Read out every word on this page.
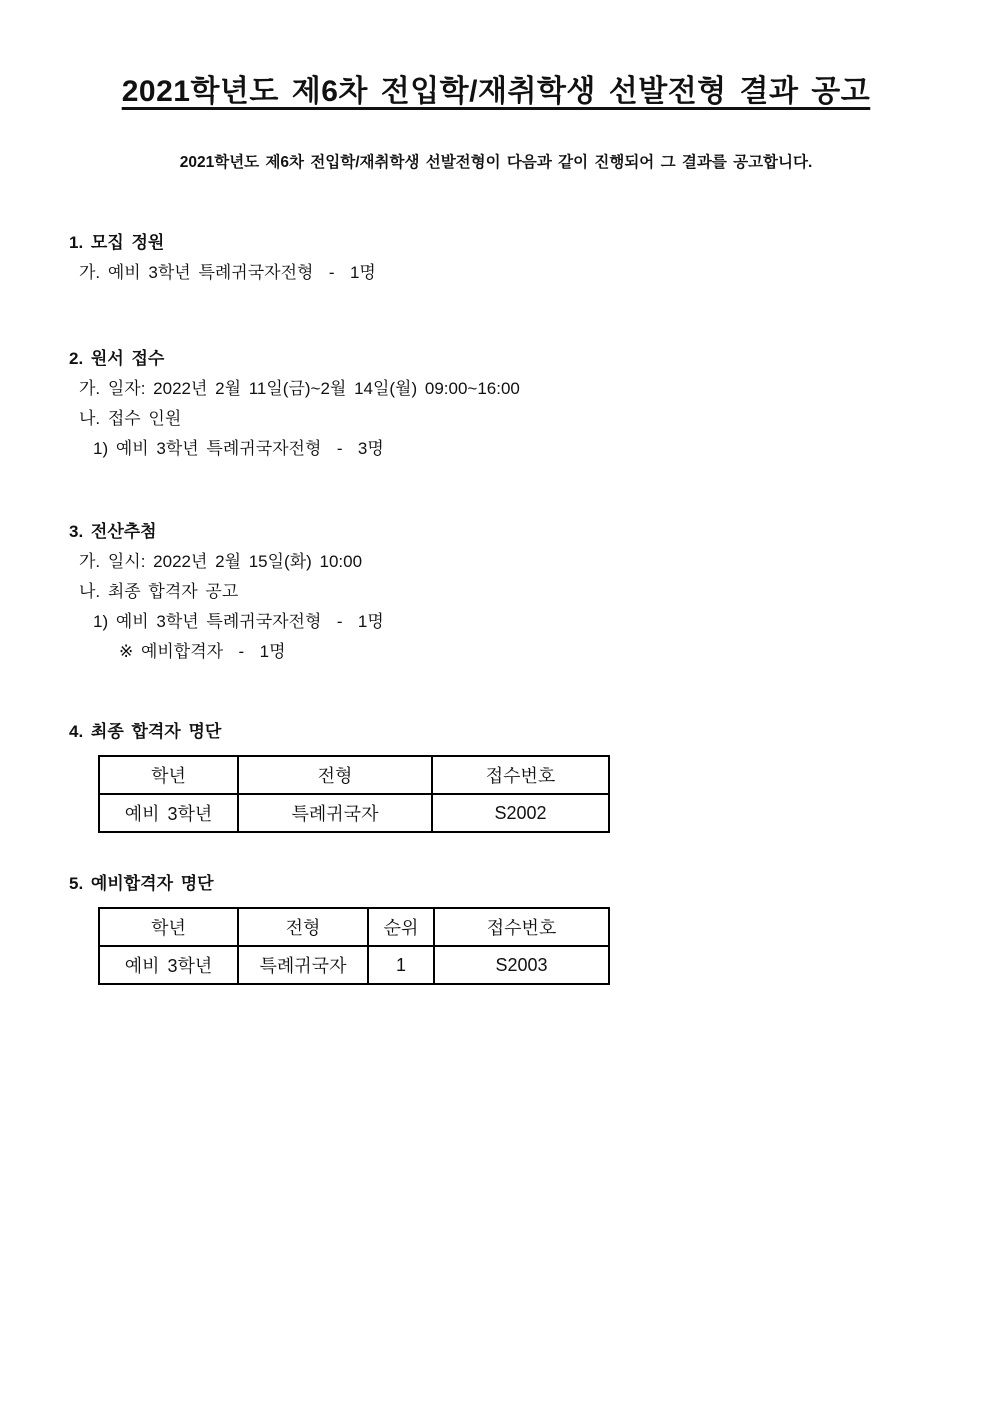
2021학년도 제6차 전입학/재취학생 선발전형 결과 공고

2021학년도 제6차 전입학/재취학생 선발전형이 다음과 같이 진행되어 그 결과를 공고합니다.

1. 모집 정원

가. 예비 3학년 특례귀국자전형  -  1명

2. 원서 접수

가. 일자: 2022년 2월 11일(금)~2월 14일(월) 09:00~16:00

나. 접수 인원

1) 예비 3학년 특례귀국자전형  -  3명

3. 전산추첨

가. 일시: 2022년 2월 15일(화) 10:00

나. 최종 합격자 공고

1) 예비 3학년 특례귀국자전형  -  1명

※ 예비합격자  -  1명

4. 최종 합격자 명단
학년	전형	접수번호
예비 3학년	특례귀국자	S2002
5. 예비합격자 명단
학년	전형	순위	접수번호
예비 3학년	특례귀국자	1	S2003
